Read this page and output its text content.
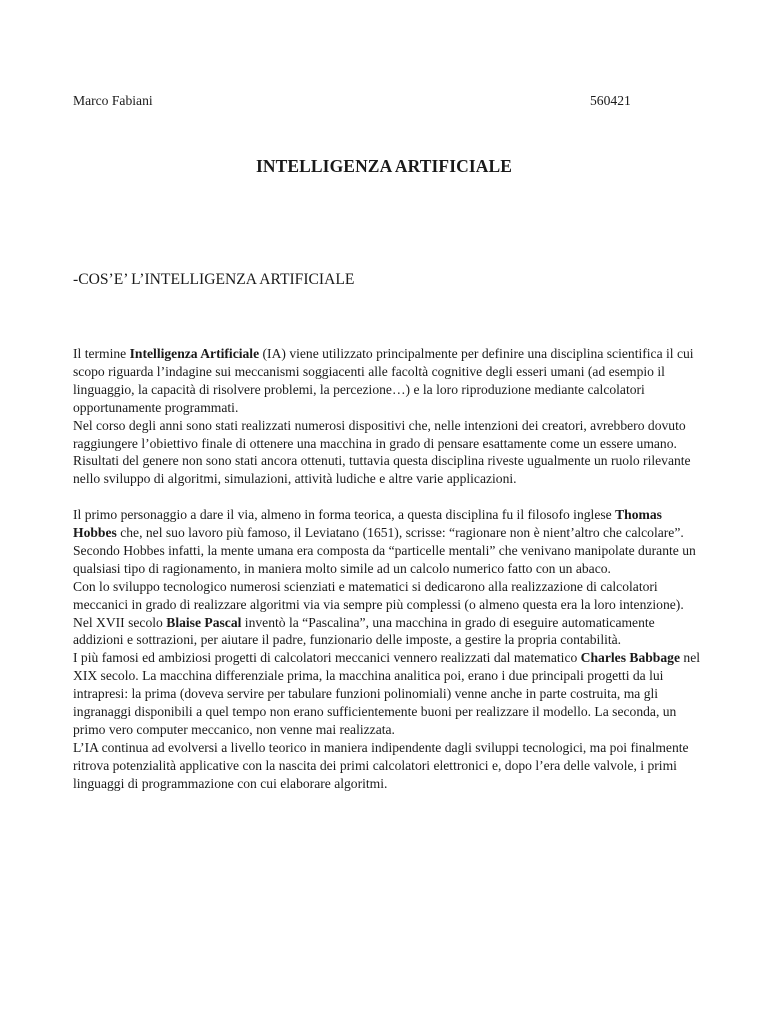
Marco Fabiani	560421
INTELLIGENZA ARTIFICIALE
-COS’E’ L’INTELLIGENZA ARTIFICIALE

Il termine Intelligenza Artificiale (IA) viene utilizzato principalmente per definire una disciplina scientifica il cui scopo riguarda l’indagine sui meccanismi soggiacenti alle facoltà cognitive degli esseri umani (ad esempio il linguaggio, la capacità di risolvere problemi, la percezione…) e la loro riproduzione mediante calcolatori opportunamente programmati.

Nel corso degli anni sono stati realizzati numerosi dispositivi che, nelle intenzioni dei creatori, avrebbero dovuto raggiungere l’obiettivo finale di ottenere una macchina in grado di pensare esattamente come un essere umano. Risultati del genere non sono stati ancora ottenuti, tuttavia questa disciplina riveste ugualmente un ruolo rilevante nello sviluppo di algoritmi, simulazioni, attività ludiche e altre varie applicazioni.

Il primo personaggio a dare il via, almeno in forma teorica, a questa disciplina fu il filosofo inglese Thomas Hobbes che, nel suo lavoro più famoso, il Leviatano (1651), scrisse: “ragionare non è nient’altro che calcolare”.

Secondo Hobbes infatti, la mente umana era composta da “particelle mentali” che venivano manipolate durante un qualsiasi tipo di ragionamento, in maniera molto simile ad un calcolo numerico fatto con un abaco.

Con lo sviluppo tecnologico numerosi scienziati e matematici si dedicarono alla realizzazione di calcolatori meccanici in grado di realizzare algoritmi via via sempre più complessi (o almeno questa era la loro intenzione).

Nel XVII secolo Blaise Pascal inventò la “Pascalina”, una macchina in grado di eseguire automaticamente addizioni e sottrazioni, per aiutare il padre, funzionario delle imposte, a gestire la propria contabilità.

I più famosi ed ambiziosi progetti di calcolatori meccanici vennero realizzati dal matematico Charles Babbage nel XIX secolo. La macchina differenziale prima, la macchina analitica poi, erano i due principali progetti da lui intrapresi: la prima (doveva servire per tabulare funzioni polinomiali) venne anche in parte costruita, ma gli ingranaggi disponibili a quel tempo non erano sufficientemente buoni per realizzare il modello. La seconda, un primo vero computer meccanico, non venne mai realizzata.

L’IA continua ad evolversi a livello teorico in maniera indipendente dagli sviluppi tecnologici, ma poi finalmente ritrova potenzialità applicative con la nascita dei primi calcolatori elettronici e, dopo l’era delle valvole, i primi linguaggi di programmazione con cui elaborare algoritmi.
